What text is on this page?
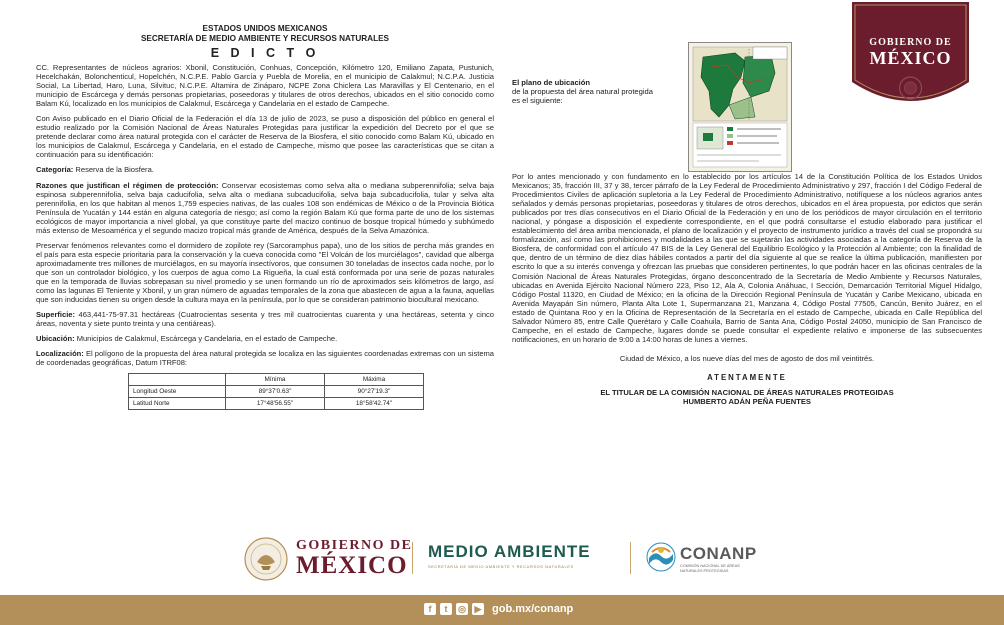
ESTADOS UNIDOS MEXICANOS
SECRETARÍA DE MEDIO AMBIENTE Y RECURSOS NATURALES
E D I C T O

CC. Representantes de núcleos agrarios: Xbonil, Constitución, Conhuas, Concepción, Kilómetro 120, Emiliano Zapata, Pustunich, Hecelchakán, Bolonchenticul, Hopelchén, N.C.P.E. Pablo García y Puebla de Morelia, en el municipio de Calakmul; N.C.P.A. Justicia Social, La Libertad, Haro, Luna, Silvituc, N.C.P.E. Altamira de Zináparo, NCPE Zona Chiclera Las Maravillas y El Centenario, en el municipio de Escárcega y demás personas propietarias, poseedoras y titulares de otros derechos, ubicados en el sitio conocido como Balam Kú, localizado en los municipios de Calakmul, Escárcega y Candelaria en el estado de Campeche.

Con Aviso publicado en el Diario Oficial de la Federación el día 13 de julio de 2023, se puso a disposición del público en general el estudio realizado por la Comisión Nacional de Áreas Naturales Protegidas para justificar la expedición del Decreto por el que se pretende declarar como área natural protegida con el carácter de Reserva de la Biosfera, el sitio conocido como Balam Kú, ubicado en los municipios de Calakmul, Escárcega y Candelaria, en el estado de Campeche, mismo que posee las características que se citan a continuación para su identificación:

Categoría: Reserva de la Biosfera.

Razones que justifican el régimen de protección: Conservar ecosistemas como selva alta o mediana subperennifolia; selva baja espinosa subperennifolia, selva baja caducifolia, selva alta o mediana subcaducifolia, selva baja subcaducifolia, tular y selva alta perennifolia, en los que habitan al menos 1,759 especies nativas, de las cuales 108 son endémicas de México o de la Provincia Biótica Península de Yucatán y 144 están en alguna categoría de riesgo; así como la región Balam Kú que forma parte de uno de los sistemas ecológicos de mayor importancia a nivel global, ya que constituye parte del macizo continuo de bosque tropical húmedo y subhúmedo más extenso de Mesoamérica y el segundo macizo tropical más grande de América, después de la Selva Amazónica.

Preservar fenómenos relevantes como el dormidero de zopilote rey (Sarcoramphus papa), uno de los sitios de percha más grandes en el país para esta especie prioritaria para la conservación y la cueva conocida como "El Volcán de los murciélagos", cavidad que alberga aproximadamente tres millones de murciélagos, en su mayoría insectívoros, que consumen 30 toneladas de insectos cada noche, por lo que son un controlador biológico, y los cuerpos de agua como La Rigueña, la cual está conformada por una serie de pozas naturales que en la temporada de lluvias sobrepasan su nivel promedio y se unen formando un río de aproximados seis kilómetros de largo, así como las lagunas El Teniente y Xbonil, y un gran número de aguadas temporales de la zona que abastecen de agua a la fauna, aquellas que son inducidas tienen su origen desde la cultura maya en la península, por lo que se consideran patrimonio biocultural mexicano.

Superficie: 463,441-75-97.31 hectáreas (Cuatrocientas sesenta y tres mil cuatrocientas cuarenta y una hectáreas, setenta y cinco áreas, noventa y siete punto treinta y una centiáreas).

Ubicación: Municipios de Calakmul, Escárcega y Candelaria, en el estado de Campeche.

Localización: El polígono de la propuesta del área natural protegida se localiza en las siguientes coordenadas extremas con un sistema de coordenadas geográficas, Datum ITRF08:

	Mínima	Máxima
Longitud Oeste	89°37'0.63"	90°27'19.3"
Latitud Norte	17°48'56.55"	18°58'42.74"
El plano de ubicación
de la propuesta del área natural protegida es el siguiente:
GOBIERNO DE
MÉXICO

Por lo antes mencionado y con fundamento en lo establecido por los artículos 14 de la Constitución Política de los Estados Unidos Mexicanos; 35, fracción III, 37 y 38, tercer párrafo de la Ley Federal de Procedimiento Administrativo y 297, fracción I del Código Federal de Procedimientos Civiles de aplicación supletoria a la Ley Federal de Procedimiento Administrativo, notifíquese a los núcleos agrarios antes señalados y demás personas propietarias, poseedoras y titulares de otros derechos, ubicados en el área propuesta, por edictos que serán publicados por tres días consecutivos en el Diario Oficial de la Federación y en uno de los periódicos de mayor circulación en el territorio nacional, y póngase a disposición el expediente correspondiente, en el que podrá consultarse el estudio elaborado para justificar el establecimiento del área arriba mencionada, el plano de localización y el proyecto de instrumento jurídico a través del cual se propondrá su formalización, así como las prohibiciones y modalidades a las que se sujetarán las actividades asociadas a la categoría de Reserva de la Biosfera, de conformidad con el artículo 47 BIS de la Ley General del Equilibrio Ecológico y la Protección al Ambiente; con la finalidad de que, dentro de un término de diez días hábiles contados a partir del día siguiente al que se realice la última publicación, manifiesten por escrito lo que a su interés convenga y ofrezcan las pruebas que consideren pertinentes, lo que podrán hacer en las oficinas centrales de la Comisión Nacional de Áreas Naturales Protegidas, órgano desconcentrado de la Secretaría de Medio Ambiente y Recursos Naturales, ubicadas en Avenida Ejército Nacional Número 223, Piso 12, Ala A, Colonia Anáhuac, I Sección, Demarcación Territorial Miguel Hidalgo, Código Postal 11320, en Ciudad de México; en la oficina de la Dirección Regional Península de Yucatán y Caribe Mexicano, ubicada en Avenida Mayapán Sin número, Planta Alta Lote 1, Supermanzana 21, Manzana 4, Código Postal 77505, Cancún, Benito Juárez, en el estado de Quintana Roo y en la Oficina de Representación de la Secretaría en el estado de Campeche, ubicada en Calle República del Salvador Número 85, entre Calle Querétaro y Calle Coahuila, Barrio de Santa Ana, Código Postal 24050, municipio de San Francisco de Campeche, en el estado de Campeche, lugares donde se puede consultar el expediente relativo e imponerse de las subsecuentes notificaciones, en un horario de 9:00 a 14:00 horas de lunes a viernes.

Ciudad de México, a los nueve días del mes de agosto de dos mil veintitrés.

ATENTAMENTE
EL TITULAR DE LA COMISIÓN NACIONAL DE ÁREAS NATURALES PROTEGIDAS
HUMBERTO ADÁN PEÑA FUENTES
GOBIERNO DE
MÉXICO
MEDIO AMBIENTE
SECRETARÍA DE MEDIO AMBIENTE Y RECURSOS NATURALES
CONANP
COMISIÓN NACIONAL DE ÁREAS NATURALES PROTEGIDAS
f	t	◎ ▶ gob.mx/conanp
